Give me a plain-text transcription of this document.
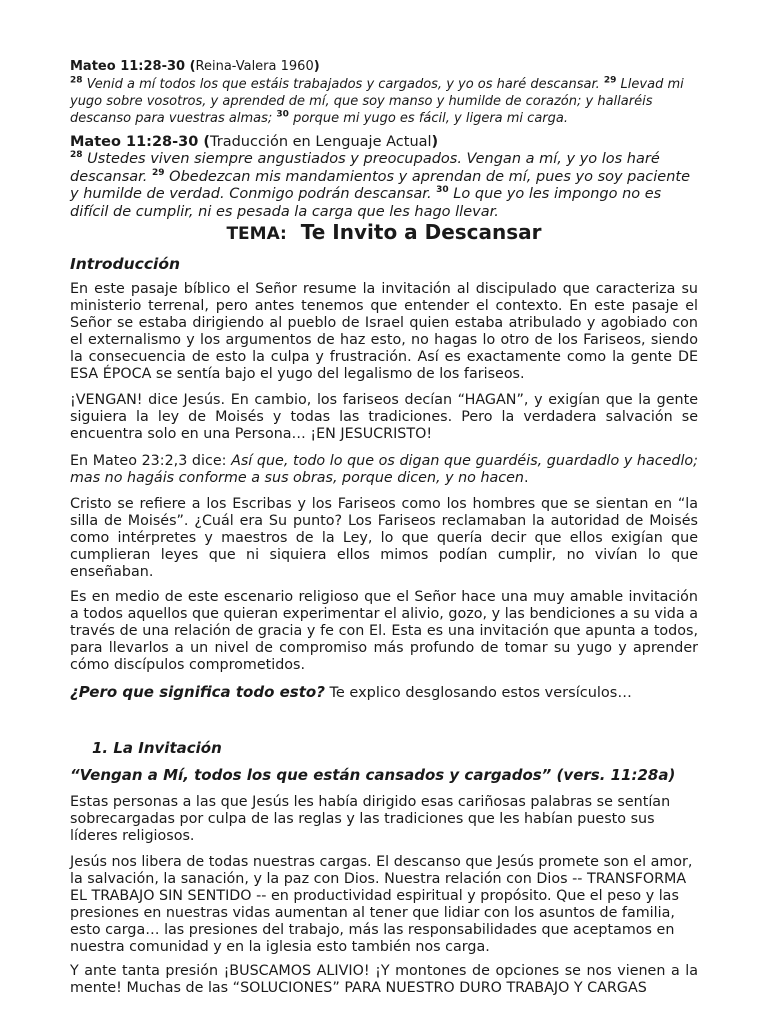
Mateo 11:28-30 (Reina-Valera 1960)
$^{28}$ Venid a mí todos los que estáis trabajados y cargados, y yo os haré descansar. $^{29}$ Llevad mi yugo sobre vosotros, y aprended de mí, que soy manso y humilde de corazón; y hallaréis descanso para vuestras almas; $^{30}$ porque mi yugo es fácil, y ligera mi carga.
Mateo 11:28-30 (Traducción en Lenguaje Actual)
$^{28}$ Ustedes viven siempre angustiados y preocupados. Vengan a mí, y yo los haré descansar. $^{29}$ Obedezcan mis mandamientos y aprendan de mí, pues yo soy paciente y humilde de verdad. Conmigo podrán descansar. $^{30}$ Lo que yo les impongo no es difícil de cumplir, ni es pesada la carga que les hago llevar.
TEMA: Te Invito a Descansar
Introducción

En este pasaje bíblico el Señor resume la invitación al discipulado que caracteriza su ministerio terrenal, pero antes tenemos que entender el contexto. En este pasaje el Señor se estaba dirigiendo al pueblo de Israel quien estaba atribulado y agobiado con el externalismo y los argumentos de haz esto, no hagas lo otro de los Fariseos, siendo la consecuencia de esto la culpa y frustración. Así es exactamente como la gente DE ESA ÉPOCA se sentía bajo el yugo del legalismo de los fariseos.

¡VENGAN! dice Jesús. En cambio, los fariseos decían “HAGAN”, y exigían que la gente siguiera la ley de Moisés y todas las tradiciones. Pero la verdadera salvación se encuentra solo en una Persona… ¡EN JESUCRISTO!

En Mateo 23:2,3 dice: Así que, todo lo que os digan que guardéis, guardadlo y hacedlo; mas no hagáis conforme a sus obras, porque dicen, y no hacen.

Cristo se refiere a los Escribas y los Fariseos como los hombres que se sientan en “la silla de Moisés”. ¿Cuál era Su punto? Los Fariseos reclamaban la autoridad de Moisés como intérpretes y maestros de la Ley, lo que quería decir que ellos exigían que cumplieran leyes que ni siquiera ellos mimos podían cumplir, no vivían lo que enseñaban.

Es en medio de este escenario religioso que el Señor hace una muy amable invitación a todos aquellos que quieran experimentar el alivio, gozo, y las bendiciones a su vida a través de una relación de gracia y fe con El. Esta es una invitación que apunta a todos, para llevarlos a un nivel de compromiso más profundo de tomar su yugo y aprender cómo discípulos comprometidos.

¿Pero que significa todo esto? Te explico desglosando estos versículos…
1. La Invitación
“Vengan a Mí, todos los que están cansados y cargados” (vers. 11:28a)

Estas personas a las que Jesús les había dirigido esas cariñosas palabras se sentían sobrecargadas por culpa de las reglas y las tradiciones que les habían puesto sus líderes religiosos.

Jesús nos libera de todas nuestras cargas. El descanso que Jesús promete son el amor, la salvación, la sanación, y la paz con Dios. Nuestra relación con Dios -- TRANSFORMA EL TRABAJO SIN SENTIDO -- en productividad espiritual y propósito. Que el peso y las presiones en nuestras vidas aumentan al tener que lidiar con los asuntos de familia, esto carga… las presiones del trabajo, más las responsabilidades que aceptamos en nuestra comunidad y en la iglesia esto también nos carga.

Y ante tanta presión ¡BUSCAMOS ALIVIO! ¡Y montones de opciones se nos vienen a la mente! Muchas de las “SOLUCIONES” PARA NUESTRO DURO TRABAJO Y CARGAS
